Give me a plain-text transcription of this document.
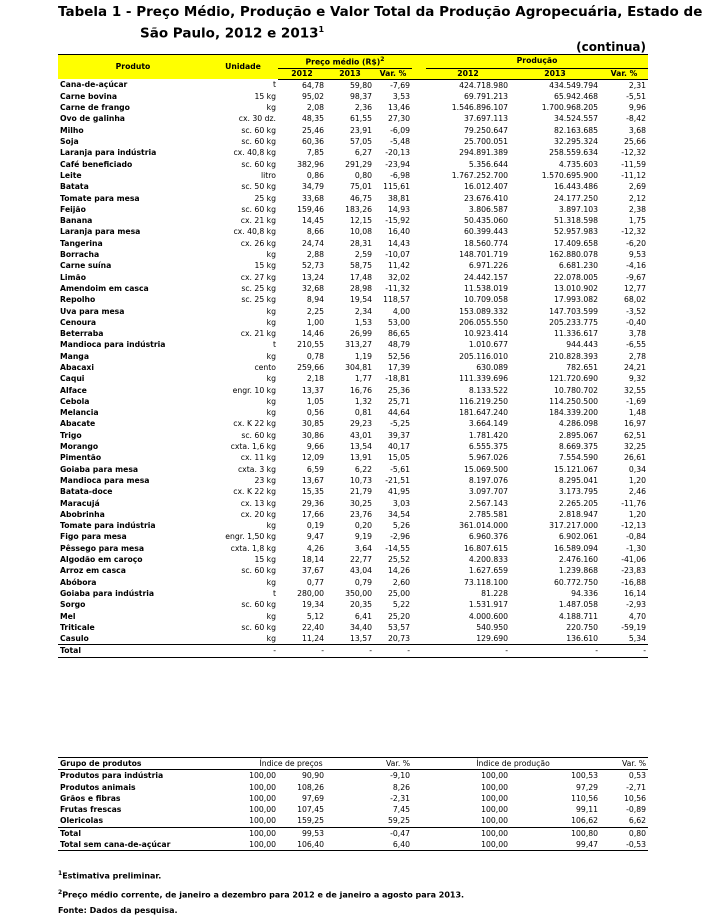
Tabela 1 - Preço Médio, Produção e Valor Total da Produção Agropecuária, Estado de
São Paulo, 2012 e 2013$^1$
(continua)
Produto	Unidade	Preço médio (R$)$^2$				Produção		
		2012	2013	Var. %		2012	2013	Var. %
Cana-de-açúcar	t	64,78	59,80	-7,69		424.718.980	434.549.794	2,31
Carne bovina	15 kg	95,02	98,37	3,53		69.791.213	65.942.468	-5,51
Carne de frango	kg	2,08	2,36	13,46		1.546.896.107	1.700.968.205	9,96
Ovo de galinha	cx. 30 dz.	48,35	61,55	27,30		37.697.113	34.524.557	-8,42
Milho	sc. 60 kg	25,46	23,91	-6,09		79.250.647	82.163.685	3,68
Soja	sc. 60 kg	60,36	57,05	-5,48		25.700.051	32.295.324	25,66
Laranja para indústria	cx. 40,8 kg	7,85	6,27	-20,13		294.891.389	258.559.634	-12,32
Café beneficiado	sc. 60 kg	382,96	291,29	-23,94		5.356.644	4.735.603	-11,59
Leite	litro	0,86	0,80	-6,98		1.767.252.700	1.570.695.900	-11,12
Batata	sc. 50 kg	34,79	75,01	115,61		16.012.407	16.443.486	2,69
Tomate para mesa	25 kg	33,68	46,75	38,81		23.676.410	24.177.250	2,12
Feijão	sc. 60 kg	159,46	183,26	14,93		3.806.587	3.897.103	2,38
Banana	cx. 21 kg	14,45	12,15	-15,92		50.435.060	51.318.598	1,75
Laranja para mesa	cx. 40,8 kg	8,66	10,08	16,40		60.399.443	52.957.983	-12,32
Tangerina	cx. 26 kg	24,74	28,31	14,43		18.560.774	17.409.658	-6,20
Borracha	kg	2,88	2,59	-10,07		148.701.719	162.880.078	9,53
Carne suína	15 kg	52,73	58,75	11,42		6.971.226	6.681.230	-4,16
Limão	cx. 27 kg	13,24	17,48	32,02		24.442.157	22.078.005	-9,67
Amendoim em casca	sc. 25 kg	32,68	28,98	-11,32		11.538.019	13.010.902	12,77
Repolho	sc. 25 kg	8,94	19,54	118,57		10.709.058	17.993.082	68,02
Uva para mesa	kg	2,25	2,34	4,00		153.089.332	147.703.599	-3,52
Cenoura	kg	1,00	1,53	53,00		206.055.550	205.233.775	-0,40
Beterraba	cx. 21 kg	14,46	26,99	86,65		10.923.414	11.336.617	3,78
Mandioca para indústria	t	210,55	313,27	48,79		1.010.677	944.443	-6,55
Manga	kg	0,78	1,19	52,56		205.116.010	210.828.393	2,78
Abacaxi	cento	259,66	304,81	17,39		630.089	782.651	24,21
Caqui	kg	2,18	1,77	-18,81		111.339.696	121.720.690	9,32
Alface	engr. 10 kg	13,37	16,76	25,36		8.133.522	10.780.702	32,55
Cebola	kg	1,05	1,32	25,71		116.219.250	114.250.500	-1,69
Melancia	kg	0,56	0,81	44,64		181.647.240	184.339.200	1,48
Abacate	cx. K 22 kg	30,85	29,23	-5,25		3.664.149	4.286.098	16,97
Trigo	sc. 60 kg	30,86	43,01	39,37		1.781.420	2.895.067	62,51
Morango	cxta. 1,6 kg	9,66	13,54	40,17		6.555.375	8.669.375	32,25
Pimentão	cx. 11 kg	12,09	13,91	15,05		5.967.026	7.554.590	26,61
Goiaba para mesa	cxta. 3 kg	6,59	6,22	-5,61		15.069.500	15.121.067	0,34
Mandioca para mesa	23 kg	13,67	10,73	-21,51		8.197.076	8.295.041	1,20
Batata-doce	cx. K 22 kg	15,35	21,79	41,95		3.097.707	3.173.795	2,46
Maracujá	cx. 13 kg	29,36	30,25	3,03		2.567.143	2.265.205	-11,76
Abobrinha	cx. 20 kg	17,66	23,76	34,54		2.785.581	2.818.947	1,20
Tomate para indústria	kg	0,19	0,20	5,26		361.014.000	317.217.000	-12,13
Figo para mesa	engr. 1,50 kg	9,47	9,19	-2,96		6.960.376	6.902.061	-0,84
Pêssego para mesa	cxta. 1,8 kg	4,26	3,64	-14,55		16.807.615	16.589.094	-1,30
Algodão em caroço	15 kg	18,14	22,77	25,52		4.200.833	2.476.160	-41,06
Arroz em casca	sc. 60 kg	37,67	43,04	14,26		1.627.659	1.239.868	-23,83
Abóbora	kg	0,77	0,79	2,60		73.118.100	60.772.750	-16,88
Goiaba para indústria	t	280,00	350,00	25,00		81.228	94.336	16,14
Sorgo	sc. 60 kg	19,34	20,35	5,22		1.531.917	1.487.058	-2,93
Mel	kg	5,12	6,41	25,20		4.000.600	4.188.711	4,70
Triticale	sc. 60 kg	22,40	34,40	53,57		540.950	220.750	-59,19
Casulo	kg	11,24	13,57	20,73		129.690	136.610	5,34
Total	-	-	-	-		-	-	-
Grupo de produtos	Índice de preços			Var. %		Índice de produção		Var. %
Produtos para indústria	100,00	90,90		-9,10		100,00	100,53	0,53
Produtos animais	100,00	108,26		8,26		100,00	97,29	-2,71
Grãos e fibras	100,00	97,69		-2,31		100,00	110,56	10,56
Frutas frescas	100,00	107,45		7,45		100,00	99,11	-0,89
Olericolas	100,00	159,25		59,25		100,00	106,62	6,62
Total	100,00	99,53		-0,47		100,00	100,80	0,80
Total sem cana-de-açúcar	100,00	106,40		6,40		100,00	99,47	-0,53
$^1$Estimativa preliminar.
$^2$Preço médio corrente, de janeiro a dezembro para 2012 e de janeiro a agosto para 2013.
Fonte: Dados da pesquisa.
